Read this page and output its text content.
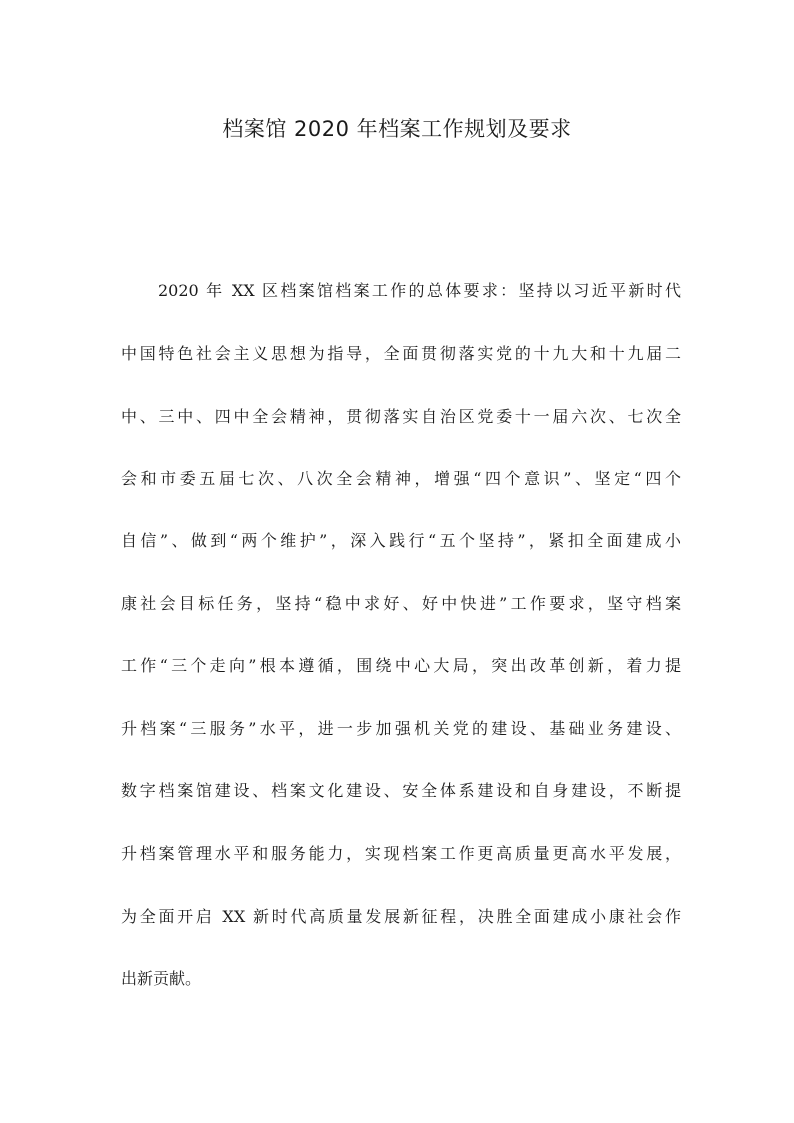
档案馆 2020 年档案工作规划及要求
2020 年 XX 区档案馆档案工作的总体要求：坚持以习近平新时代
中国特色社会主义思想为指导，全面贯彻落实党的十九大和十九届二
中、三中、四中全会精神，贯彻落实自治区党委十一届六次、七次全
会和市委五届七次、八次全会精神，增强“四个意识”、坚定“四个
自信”、做到“两个维护”，深入践行“五个坚持”，紧扣全面建成小
康社会目标任务，坚持“稳中求好、好中快进”工作要求，坚守档案
工作“三个走向”根本遵循，围绕中心大局，突出改革创新，着力提
升档案“三服务”水平，进一步加强机关党的建设、基础业务建设、
数字档案馆建设、档案文化建设、安全体系建设和自身建设，不断提
升档案管理水平和服务能力，实现档案工作更高质量更高水平发展，
为全面开启 XX 新时代高质量发展新征程，决胜全面建成小康社会作
出新贡献。
